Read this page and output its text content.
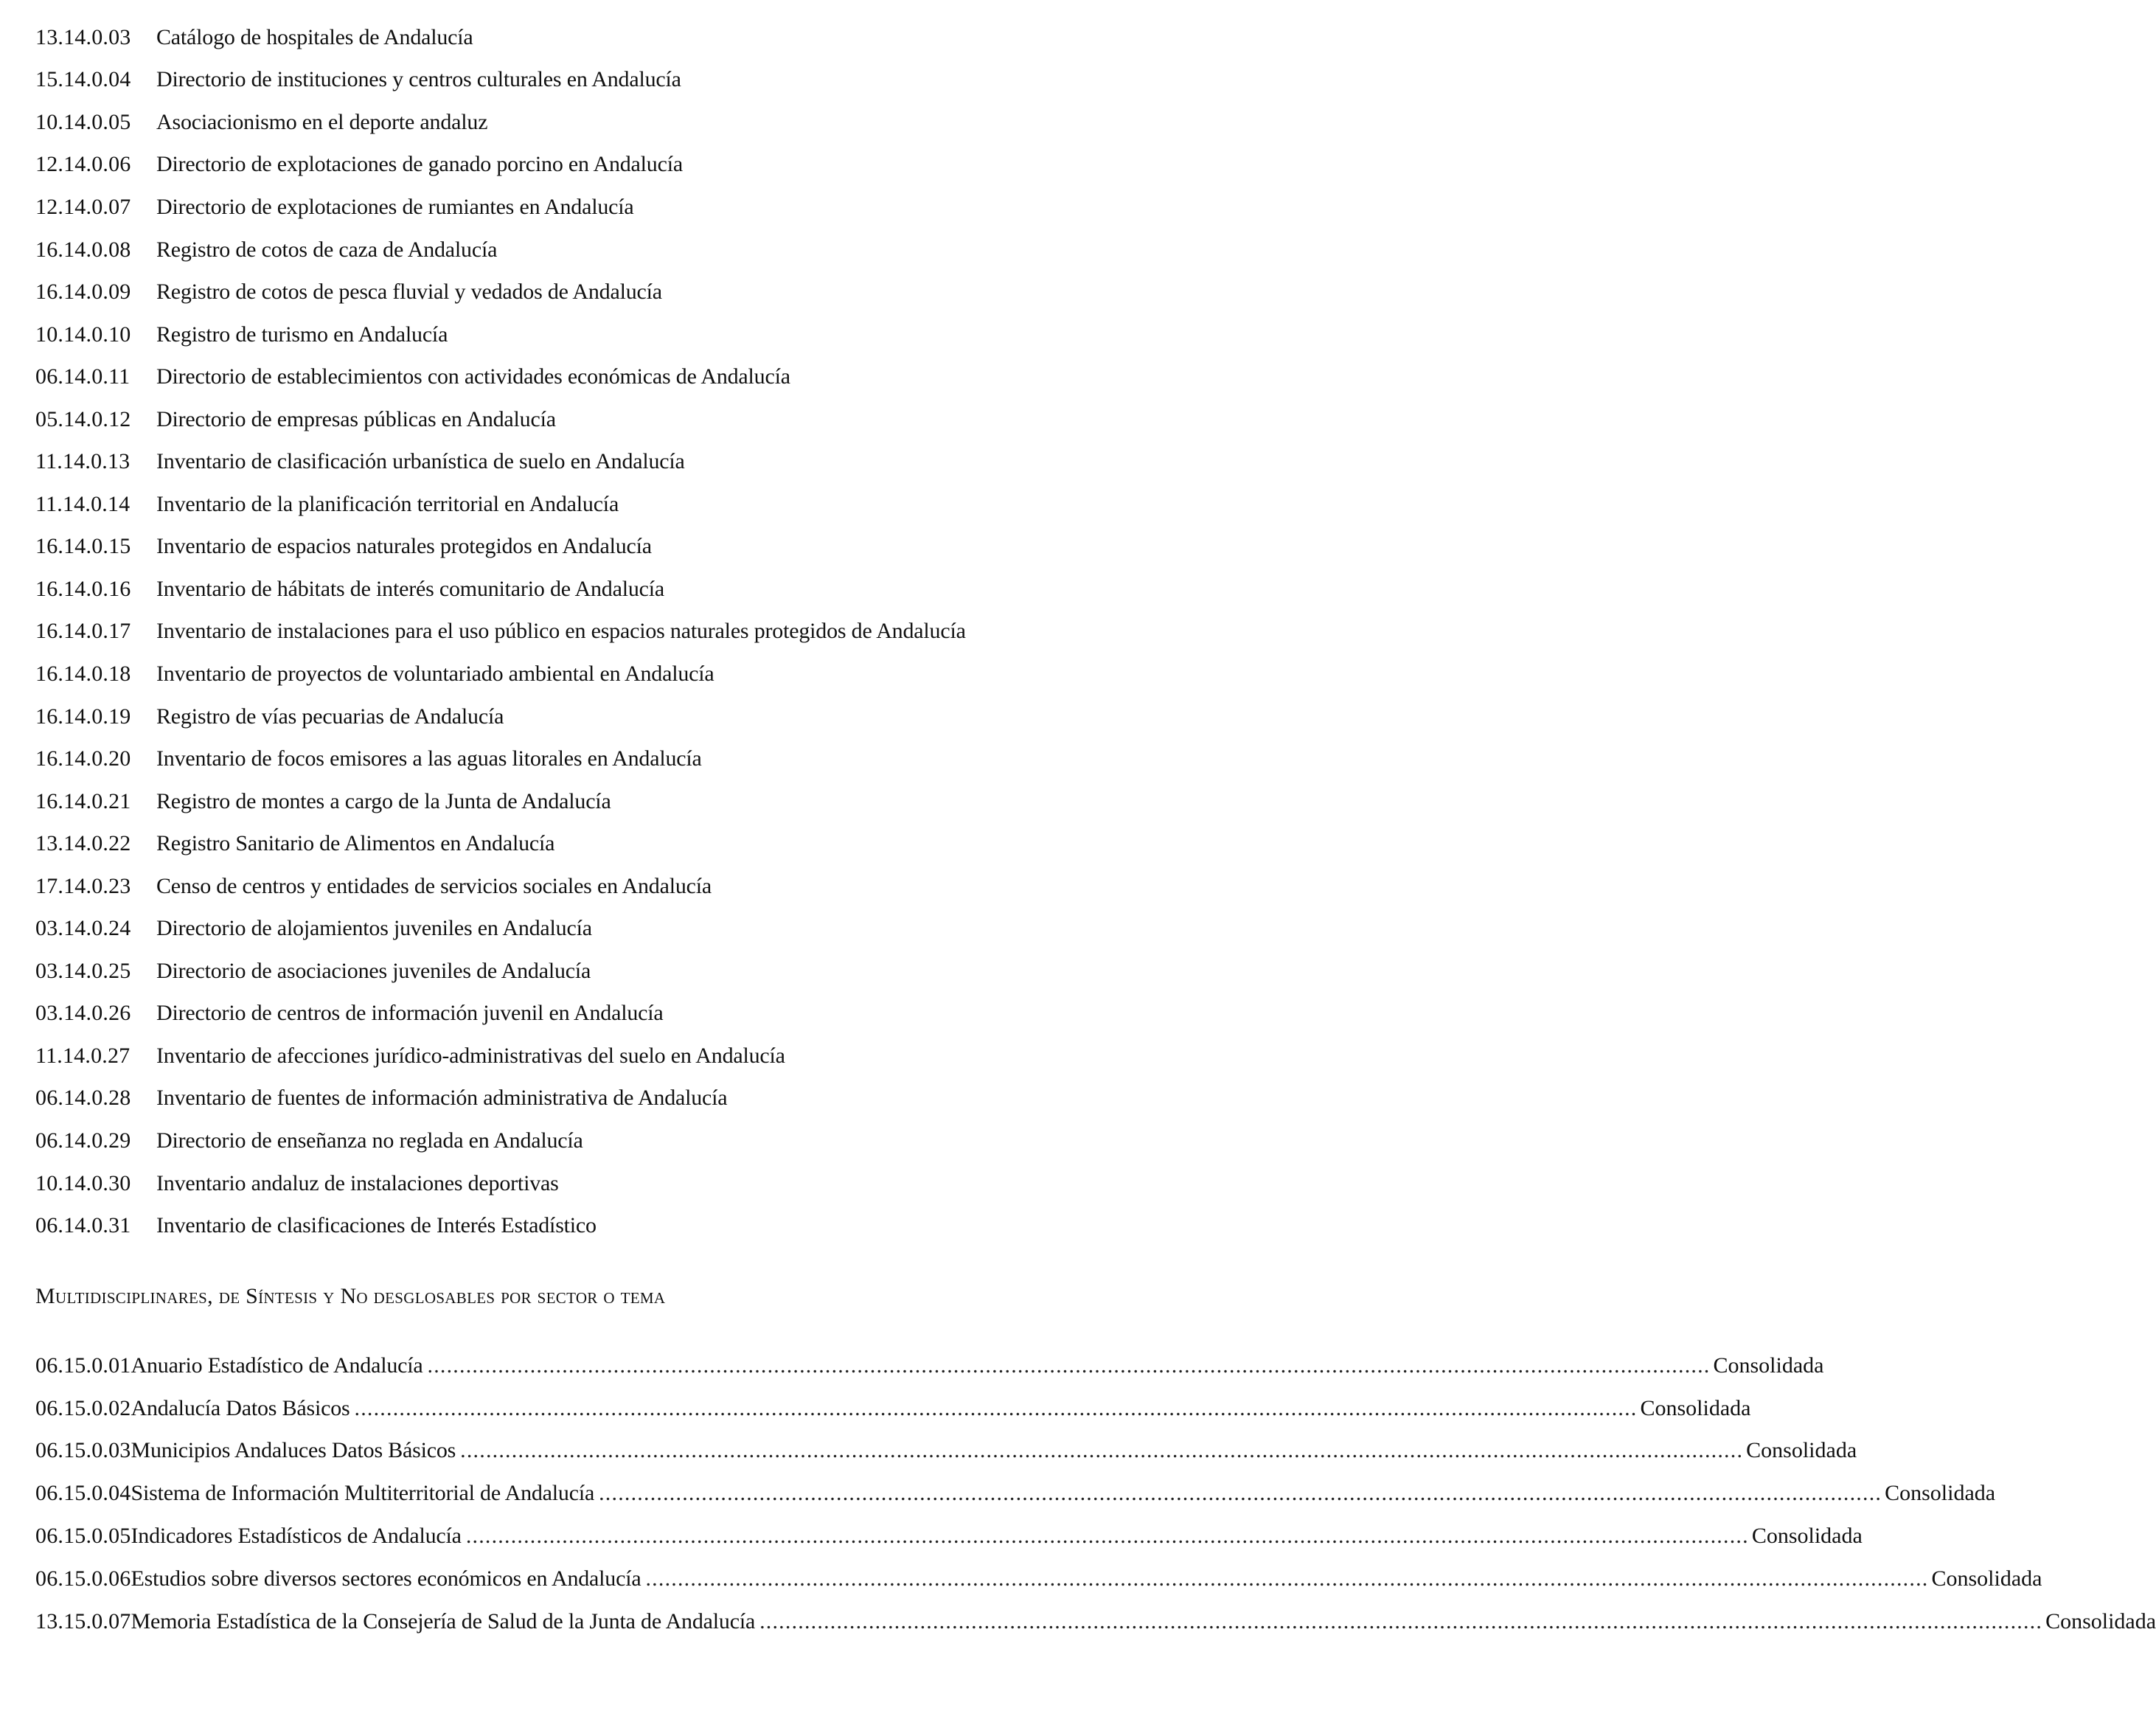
13.14.0.03	Catálogo de hospitales de Andalucía
15.14.0.04	Directorio de instituciones y centros culturales en Andalucía
10.14.0.05	Asociacionismo en el deporte andaluz
12.14.0.06	Directorio de explotaciones de ganado porcino en Andalucía
12.14.0.07	Directorio de explotaciones de rumiantes en Andalucía
16.14.0.08	Registro de cotos de caza de Andalucía
16.14.0.09	Registro de cotos de pesca fluvial y vedados de Andalucía
10.14.0.10	Registro de turismo en Andalucía
06.14.0.11	Directorio de establecimientos con actividades económicas de Andalucía
05.14.0.12	Directorio de empresas públicas en Andalucía
11.14.0.13	Inventario de clasificación urbanística de suelo en Andalucía
11.14.0.14	Inventario de la planificación territorial en Andalucía
16.14.0.15	Inventario de espacios naturales protegidos en Andalucía
16.14.0.16	Inventario de hábitats de interés comunitario de Andalucía
16.14.0.17	Inventario de instalaciones para el uso público en espacios naturales protegidos de Andalucía
16.14.0.18	Inventario de proyectos de voluntariado ambiental en Andalucía
16.14.0.19	Registro de vías pecuarias de Andalucía
16.14.0.20	Inventario de focos emisores a las aguas litorales en Andalucía
16.14.0.21	Registro de montes a cargo de la Junta de Andalucía
13.14.0.22	Registro Sanitario de Alimentos en Andalucía
17.14.0.23	Censo de centros y entidades de servicios sociales en Andalucía
03.14.0.24	Directorio de alojamientos juveniles en Andalucía
03.14.0.25	Directorio de asociaciones juveniles de Andalucía
03.14.0.26	Directorio de centros de información juvenil en Andalucía
11.14.0.27	Inventario de afecciones jurídico-administrativas del suelo en Andalucía
06.14.0.28	Inventario de fuentes de información administrativa de Andalucía
06.14.0.29	Directorio de enseñanza no reglada en Andalucía
10.14.0.30	Inventario andaluz de instalaciones deportivas
06.14.0.31	Inventario de clasificaciones de Interés Estadístico
Multidisciplinares, de Síntesis y No desglosables por sector o tema
06.15.0.01 Anuario Estadístico de Andalucía ........................................................................................................................................................................................................ Consolidada
06.15.0.02 Andalucía Datos Básicos ........................................................................................................................................................................................................ Consolidada
06.15.0.03 Municipios Andaluces Datos Básicos ........................................................................................................................................................................................................ Consolidada
06.15.0.04 Sistema de Información Multiterritorial de Andalucía ........................................................................................................................................................................................................ Consolidada
06.15.0.05 Indicadores Estadísticos de Andalucía ........................................................................................................................................................................................................ Consolidada
06.15.0.06 Estudios sobre diversos sectores económicos en Andalucía ........................................................................................................................................................................................................ Consolidada
13.15.0.07 Memoria Estadística de la Consejería de Salud de la Junta de Andalucía ........................................................................................................................................................................................................ Consolidada
